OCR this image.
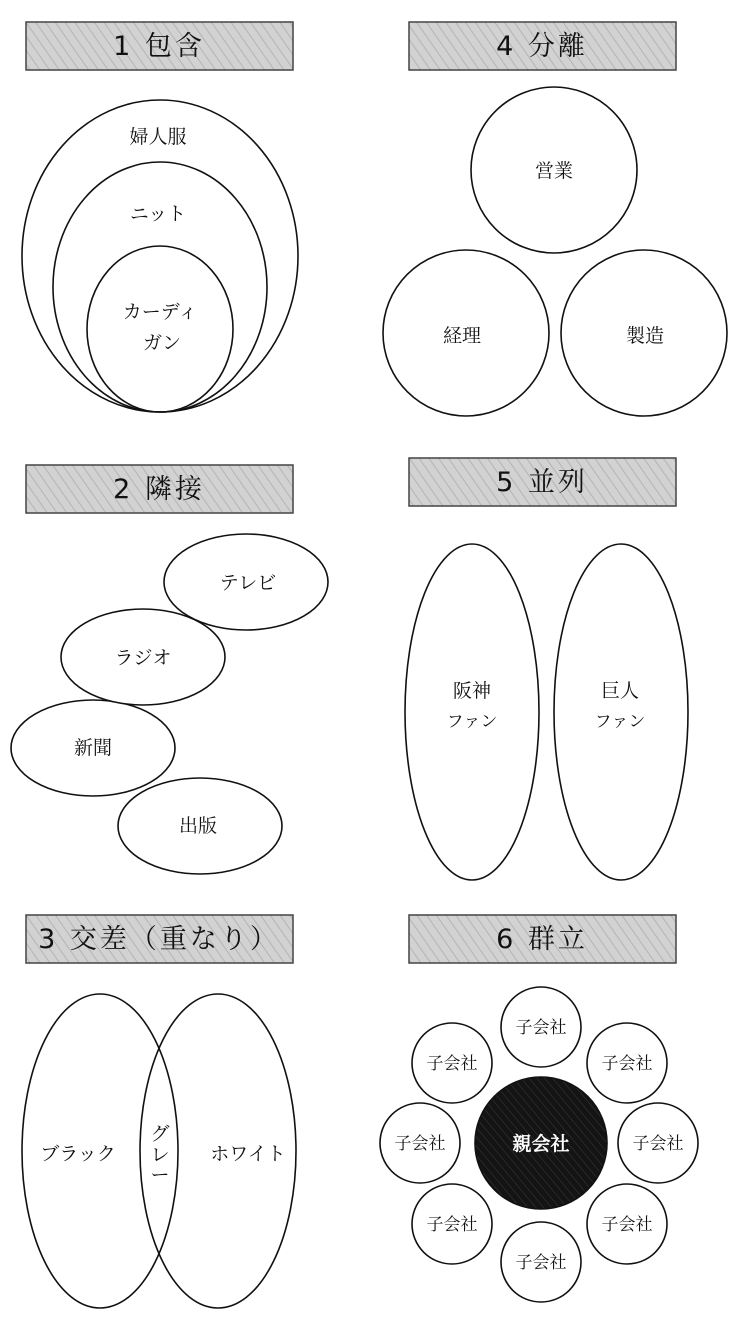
1 包含
婦人服
ニット
カーディ
ガン
4 分離
営業
経理	製造
2 隣接
テレビ
ラジオ
新聞
出版
5 並列
阪神
ファン
巨人
ファン
3 交差（重なり）
ブラック	ホワイト
グ
レ
ー
6 群立
子会社
子会社
子会社
子会社
子会社
子会社
子会社
子会社
親会社
